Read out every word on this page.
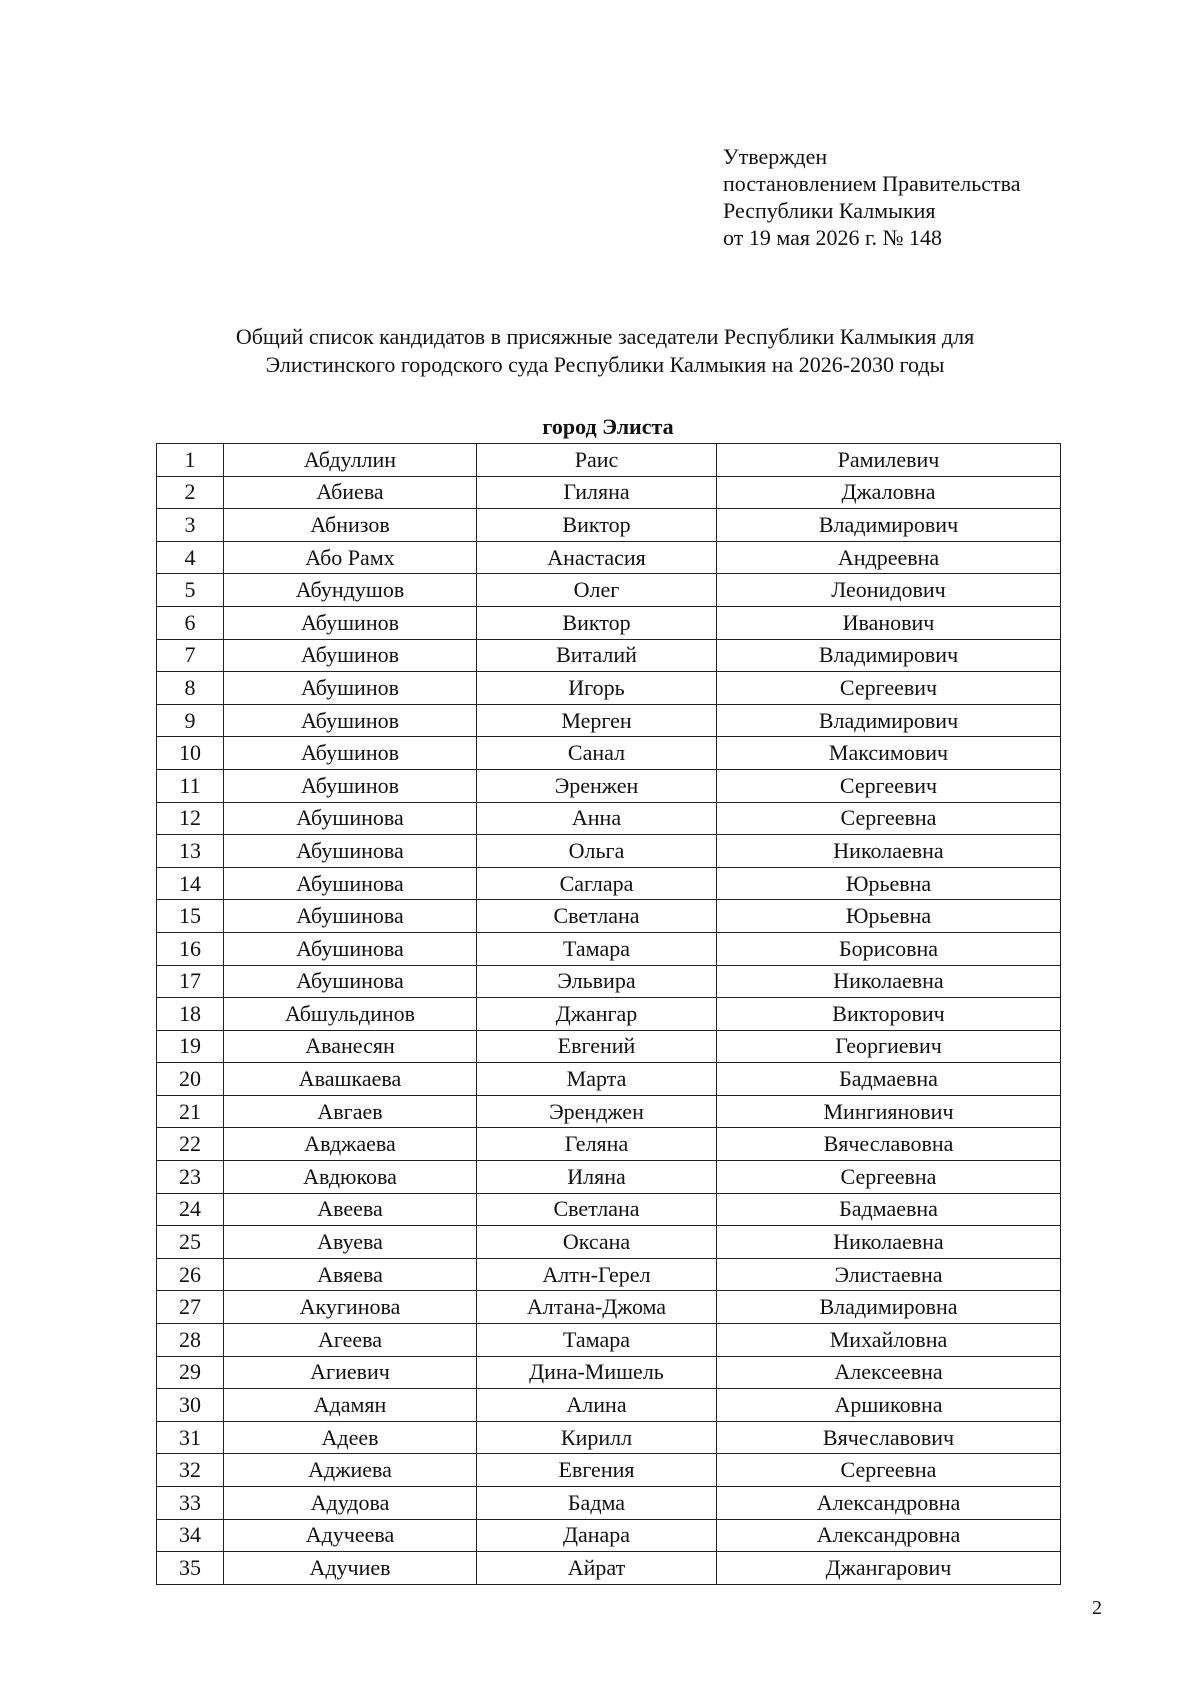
Утвержден
постановлением Правительства
Республики Калмыкия
от 19 мая 2026 г. № 148
Общий список кандидатов в присяжные заседатели Республики Калмыкия для
Элистинского городского суда Республики Калмыкия на 2026-2030 годы
город Элиста
1	Абдуллин	Раис	Рамилевич
2	Абиева	Гиляна	Джаловна
3	Абнизов	Виктор	Владимирович
4	Або Рамх	Анастасия	Андреевна
5	Абундушов	Олег	Леонидович
6	Абушинов	Виктор	Иванович
7	Абушинов	Виталий	Владимирович
8	Абушинов	Игорь	Сергеевич
9	Абушинов	Мерген	Владимирович
10	Абушинов	Санал	Максимович
11	Абушинов	Эренжен	Сергеевич
12	Абушинова	Анна	Сергеевна
13	Абушинова	Ольга	Николаевна
14	Абушинова	Саглара	Юрьевна
15	Абушинова	Светлана	Юрьевна
16	Абушинова	Тамара	Борисовна
17	Абушинова	Эльвира	Николаевна
18	Абшульдинов	Джангар	Викторович
19	Аванесян	Евгений	Георгиевич
20	Авашкаева	Марта	Бадмаевна
21	Авгаев	Эренджен	Мингиянович
22	Авджаева	Геляна	Вячеславовна
23	Авдюкова	Иляна	Сергеевна
24	Авеева	Светлана	Бадмаевна
25	Авуева	Оксана	Николаевна
26	Авяева	Алтн-Герел	Элистаевна
27	Акугинова	Алтана-Джома	Владимировна
28	Агеева	Тамара	Михайловна
29	Агиевич	Дина-Мишель	Алексеевна
30	Адамян	Алина	Аршиковна
31	Адеев	Кирилл	Вячеславович
32	Аджиева	Евгения	Сергеевна
33	Адудова	Бадма	Александровна
34	Адучеева	Данара	Александровна
35	Адучиев	Айрат	Джангарович
2
